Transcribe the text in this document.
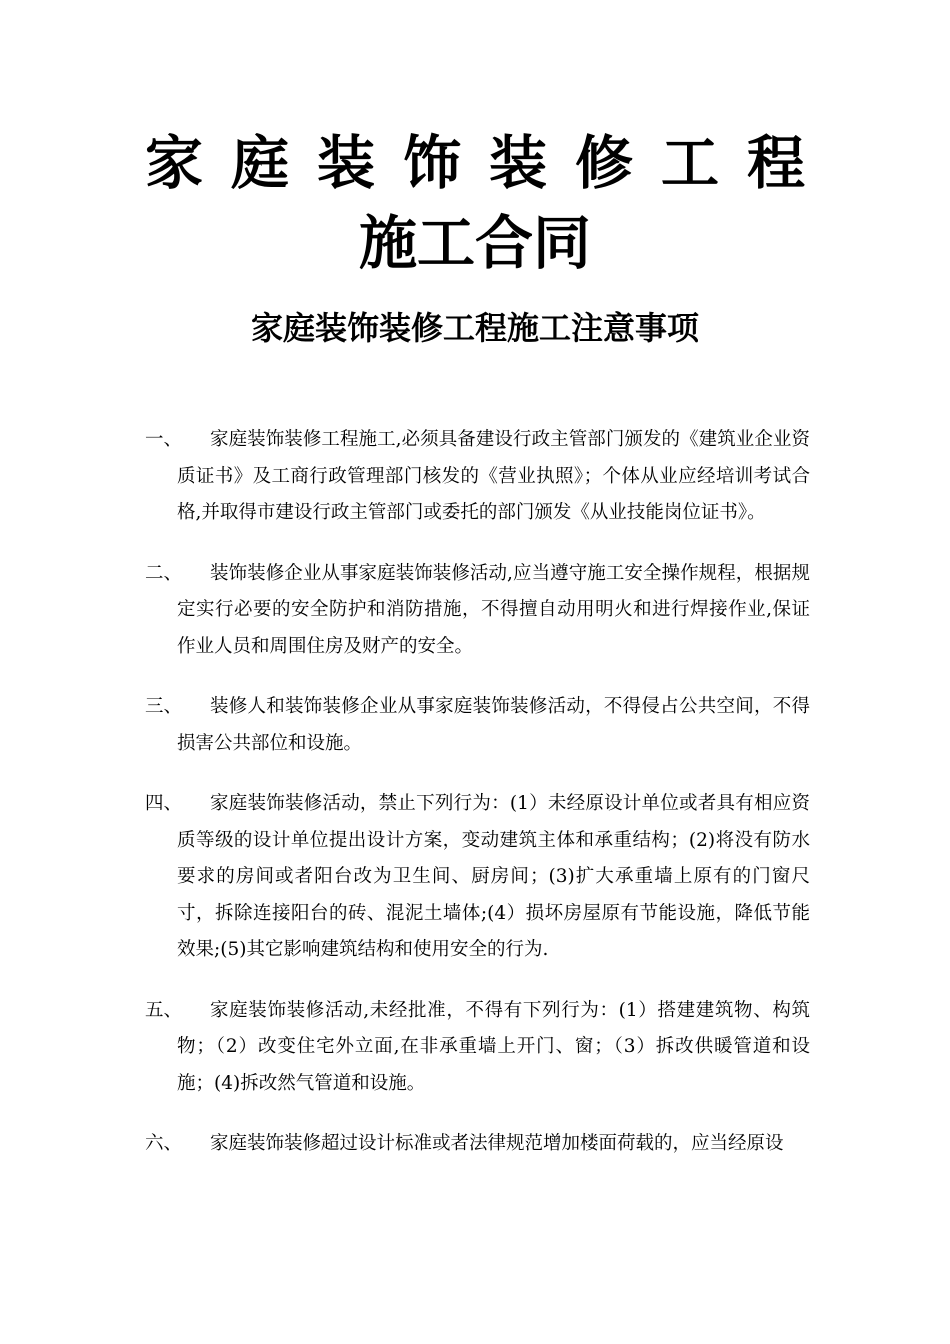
家庭装饰装修工程
施工合同
家庭装饰装修工程施工注意事项
一、	家庭装饰装修工程施工,必须具备建设行政主管部门颁发的《建筑业企业资质证书》及工商行政管理部门核发的《营业执照》；个体从业应经培训考试合格,并取得市建设行政主管部门或委托的部门颁发《从业技能岗位证书》。
二、	装饰装修企业从事家庭装饰装修活动,应当遵守施工安全操作规程，根据规定实行必要的安全防护和消防措施，不得擅自动用明火和进行焊接作业,保证作业人员和周围住房及财产的安全。
三、	装修人和装饰装修企业从事家庭装饰装修活动，不得侵占公共空间，不得损害公共部位和设施。
四、	家庭装饰装修活动，禁止下列行为：(1）未经原设计单位或者具有相应资质等级的设计单位提出设计方案，变动建筑主体和承重结构；(2)将没有防水要求的房间或者阳台改为卫生间、厨房间；(3)扩大承重墙上原有的门窗尺寸，拆除连接阳台的砖、混泥土墙体;(4）损坏房屋原有节能设施，降低节能效果;(5)其它影响建筑结构和使用安全的行为.
五、	家庭装饰装修活动,未经批准，不得有下列行为：(1）搭建建筑物、构筑物；（2）改变住宅外立面,在非承重墙上开门、窗；（3）拆改供暖管道和设施；(4)拆改然气管道和设施。
六、	家庭装饰装修超过设计标准或者法律规范增加楼面荷载的，应当经原设
